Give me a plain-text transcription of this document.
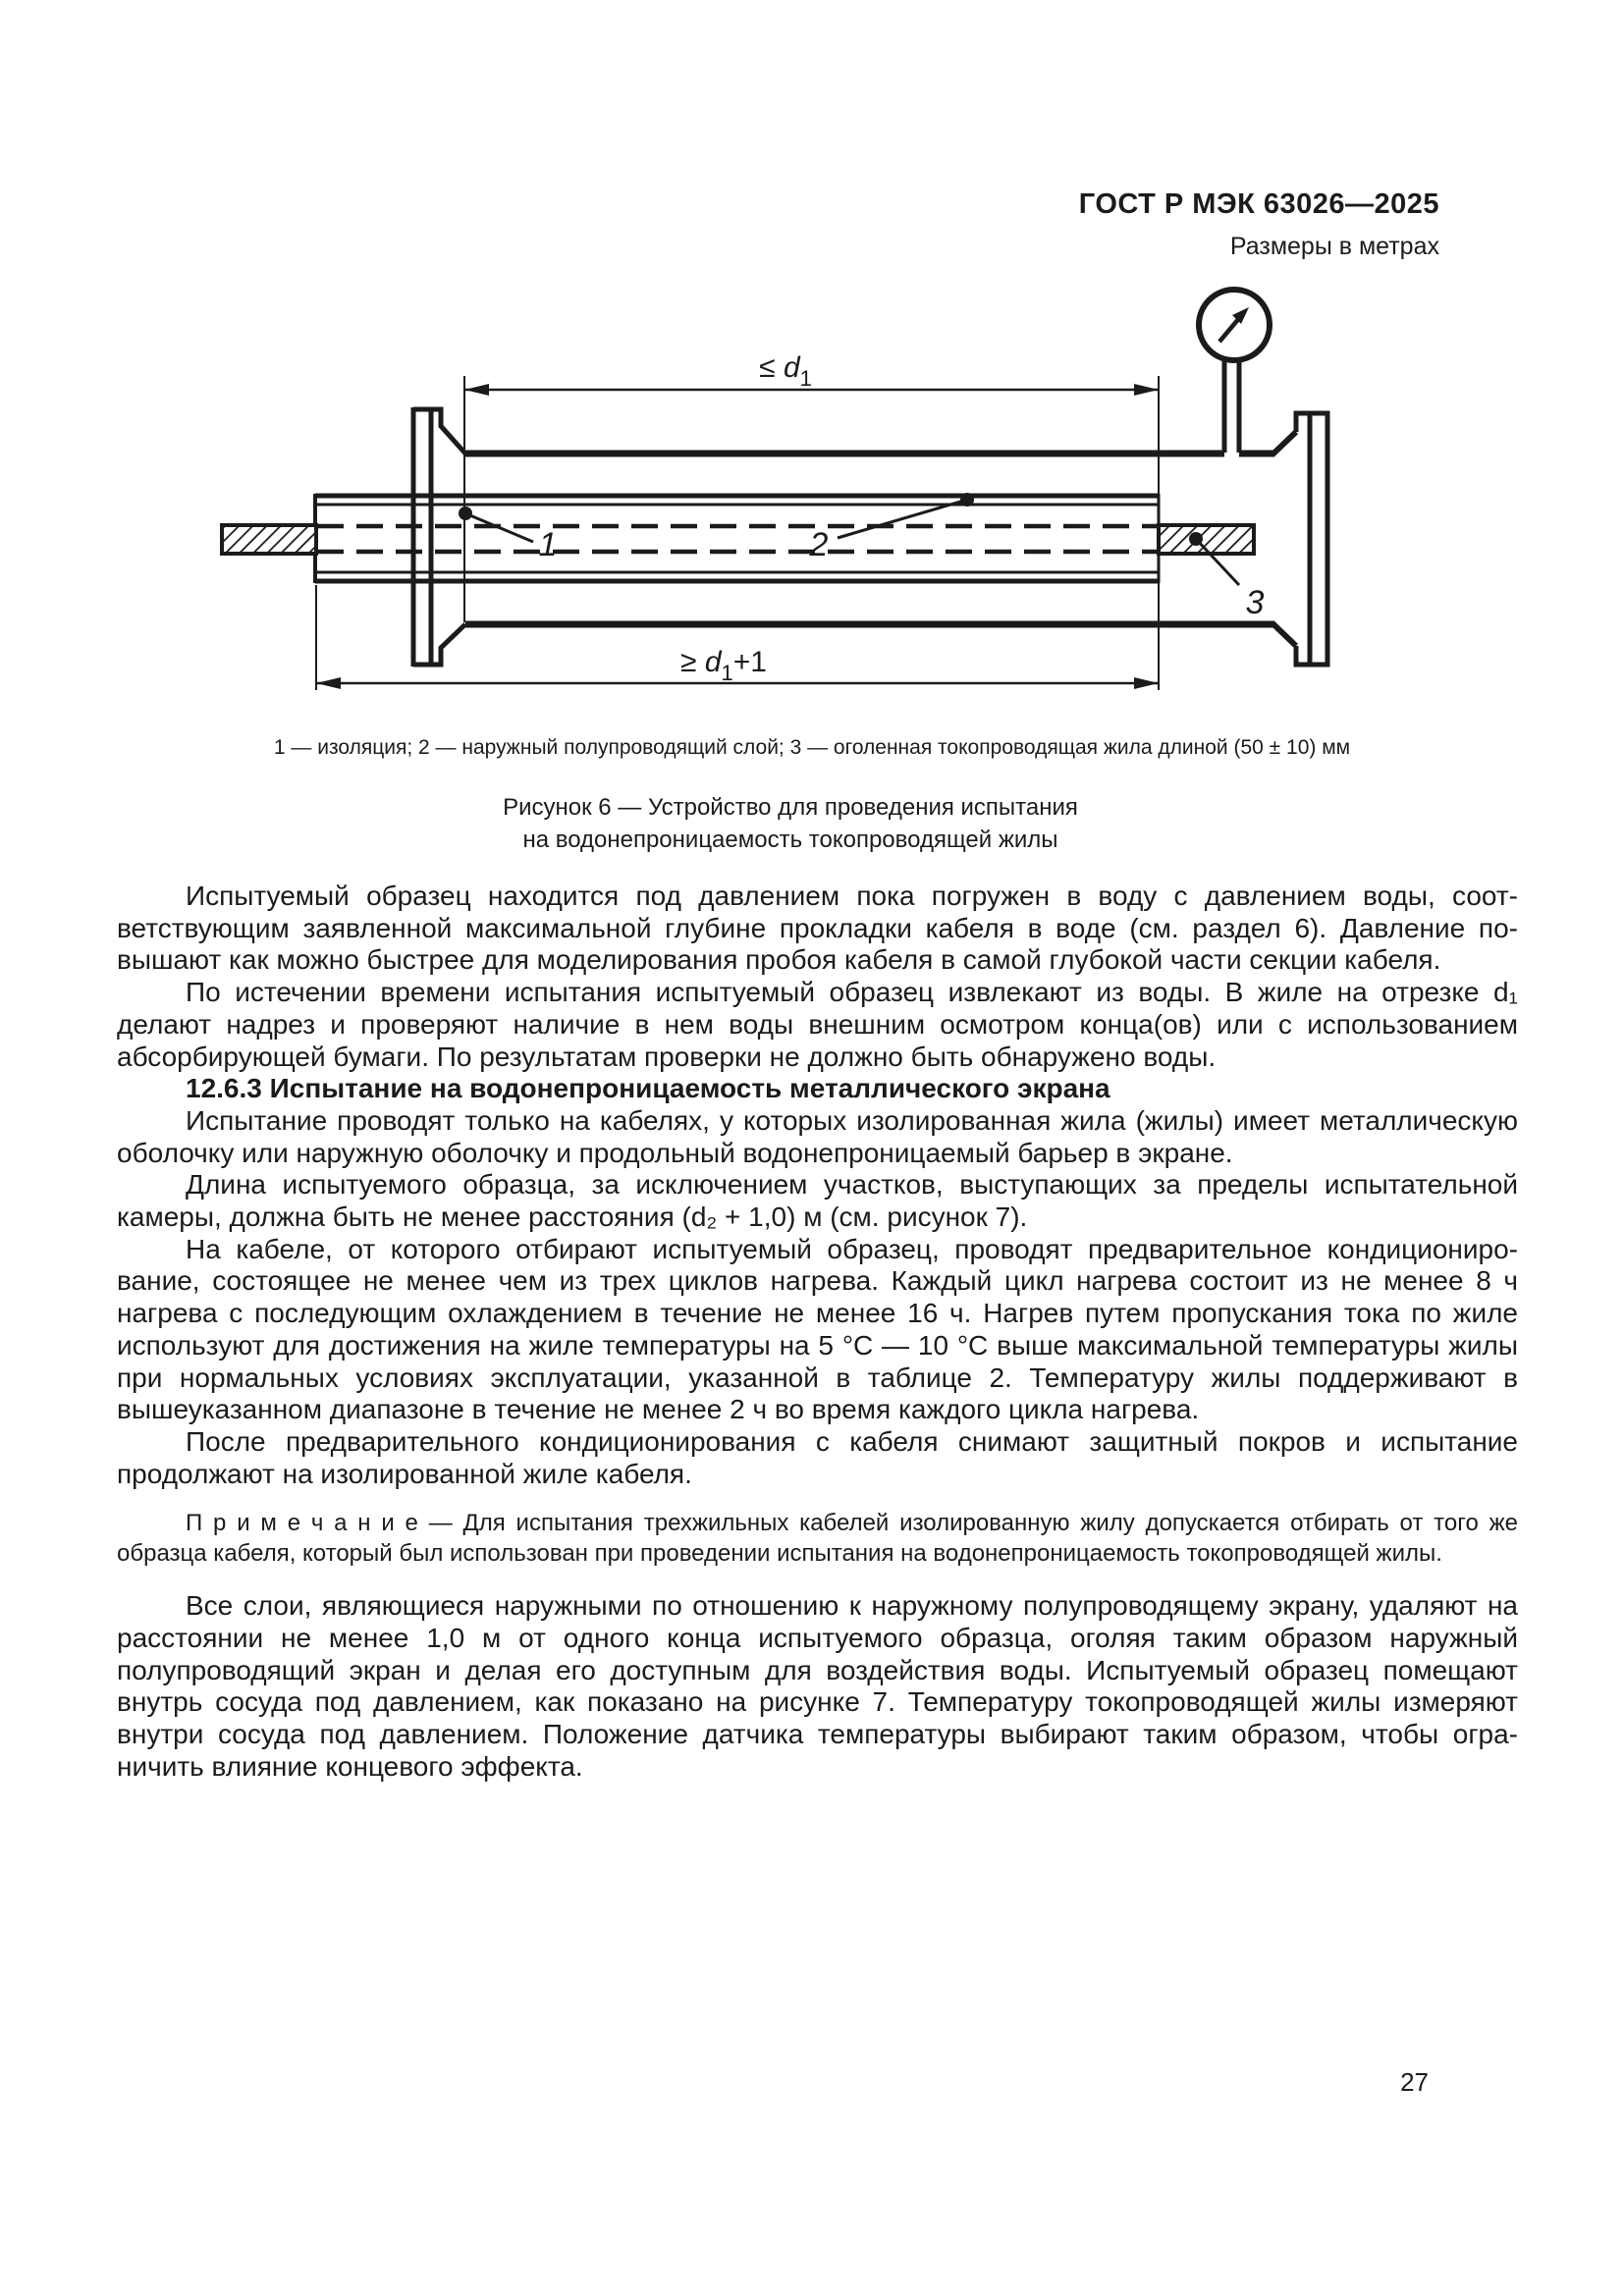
ГОСТ Р МЭК 63026—2025
Размеры в метрах
≤ $d_1$
≥ $d_1+1$
1	2
3
1 — изоляция; 2 — наружный полупроводящий слой; 3 — оголенная токопроводящая жила длиной (50 ± 10) мм
Рисунок 6 — Устройство для проведения испытания
на водонепроницаемость токопроводящей жилы

Испытуемый образец находится под давлением пока погружен в воду с давлением воды, соответствующим заявленной максимальной глубине прокладки кабеля в воде (см. раздел 6). Давление повышают как можно быстрее для моделирования пробоя кабеля в самой глубокой части секции кабеля.

По истечении времени испытания испытуемый образец извлекают из воды. В жиле на отрезке d₁ делают надрез и проверяют наличие в нем воды внешним осмотром конца(ов) или с использованием абсорбирующей бумаги. По результатам проверки не должно быть обнаружено воды.

12.6.3 Испытание на водонепроницаемость металлического экрана

Испытание проводят только на кабелях, у которых изолированная жила (жилы) имеет металлическую оболочку или наружную оболочку и продольный водонепроницаемый барьер в экране.

Длина испытуемого образца, за исключением участков, выступающих за пределы испытательной камеры, должна быть не менее расстояния (d₂ + 1,0) м (см. рисунок 7).

На кабеле, от которого отбирают испытуемый образец, проводят предварительное кондиционирование, состоящее не менее чем из трех циклов нагрева. Каждый цикл нагрева состоит из не менее 8 ч нагрева с последующим охлаждением в течение не менее 16 ч. Нагрев путем пропускания тока по жиле используют для достижения на жиле температуры на 5 °С — 10 °С выше максимальной температуры жилы при нормальных условиях эксплуатации, указанной в таблице 2. Температуру жилы поддерживают в вышеуказанном диапазоне в течение не менее 2 ч во время каждого цикла нагрева.

После предварительного кондиционирования с кабеля снимают защитный покров и испытание продолжают на изолированной жиле кабеля.

П р и м е ч а н и е — Для испытания трехжильных кабелей изолированную жилу допускается отбирать от того же образца кабеля, который был использован при проведении испытания на водонепроницаемость токопроводящей жилы.

Все слои, являющиеся наружными по отношению к наружному полупроводящему экрану, удаляют на расстоянии не менее 1,0 м от одного конца испытуемого образца, оголяя таким образом наружный полупроводящий экран и делая его доступным для воздействия воды. Испытуемый образец помещают внутрь сосуда под давлением, как показано на рисунке 7. Температуру токопроводящей жилы измеряют внутри сосуда под давлением. Положение датчика температуры выбирают таким образом, чтобы ограничить влияние концевого эффекта.

27
